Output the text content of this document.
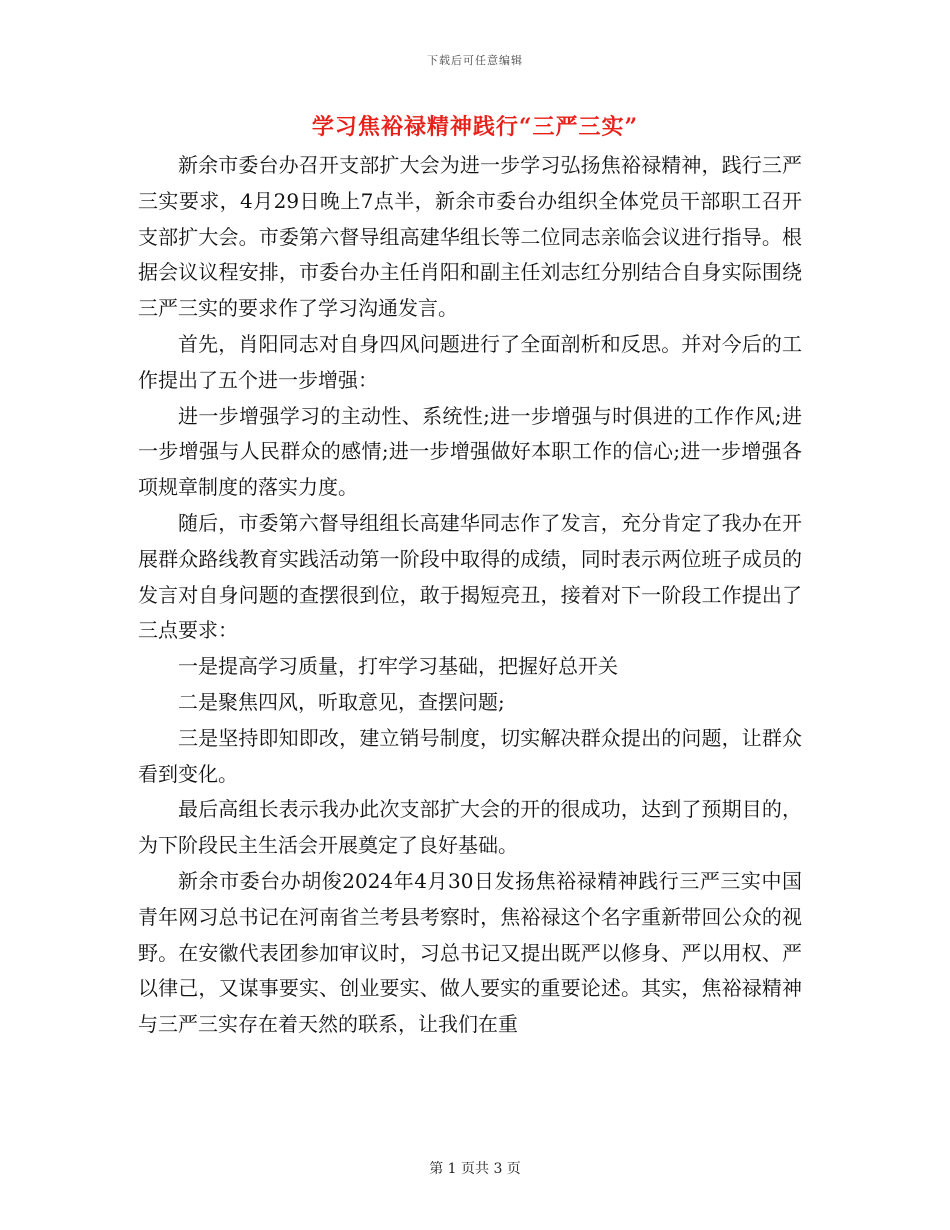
下载后可任意编辑
学习焦裕禄精神践行“三严三实”

新余市委台办召开支部扩大会为进一步学习弘扬焦裕禄精神，践行三严三实要求，4月29日晚上7点半，新余市委台办组织全体党员干部职工召开支部扩大会。市委第六督导组高建华组长等二位同志亲临会议进行指导。根据会议议程安排，市委台办主任肖阳和副主任刘志红分别结合自身实际围绕三严三实的要求作了学习沟通发言。

首先，肖阳同志对自身四风问题进行了全面剖析和反思。并对今后的工作提出了五个进一步增强：

进一步增强学习的主动性、系统性;进一步增强与时俱进的工作作风;进一步增强与人民群众的感情;进一步增强做好本职工作的信心;进一步增强各项规章制度的落实力度。

随后，市委第六督导组组长高建华同志作了发言，充分肯定了我办在开展群众路线教育实践活动第一阶段中取得的成绩，同时表示两位班子成员的发言对自身问题的查摆很到位，敢于揭短亮丑，接着对下一阶段工作提出了三点要求：

一是提高学习质量，打牢学习基础，把握好总开关

二是聚焦四风，听取意见，查摆问题;

三是坚持即知即改，建立销号制度，切实解决群众提出的问题，让群众看到变化。

最后高组长表示我办此次支部扩大会的开的很成功，达到了预期目的，为下阶段民主生活会开展奠定了良好基础。

新余市委台办胡俊2024年4月30日发扬焦裕禄精神践行三严三实中国青年网习总书记在河南省兰考县考察时，焦裕禄这个名字重新带回公众的视野。在安徽代表团参加审议时，习总书记又提出既严以修身、严以用权、严以律己，又谋事要实、创业要实、做人要实的重要论述。其实，焦裕禄精神与三严三实存在着天然的联系，让我们在重

第 1 页共 3 页
